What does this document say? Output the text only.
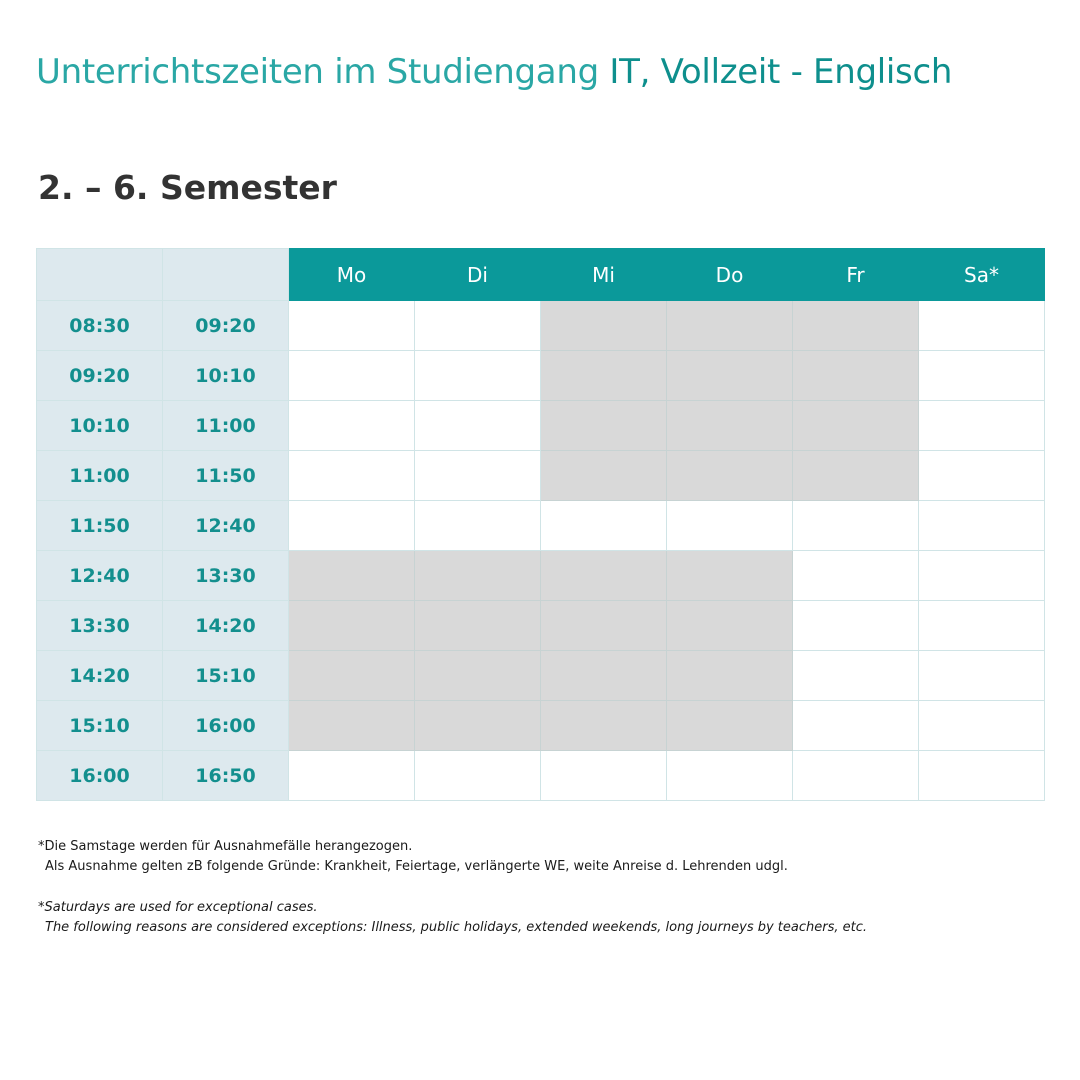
Unterrichtszeiten im Studiengang IT, Vollzeit - Englisch
2. – 6. Semester
		Mo	Di	Mi	Do	Fr	Sa*
08:30	09:20						
09:20	10:10						
10:10	11:00						
11:00	11:50						
11:50	12:40						
12:40	13:30						
13:30	14:20						
14:20	15:10						
15:10	16:00						
16:00	16:50						

*Die Samstage werden für Ausnahmefälle herangezogen.
Als Ausnahme gelten zB folgende Gründe: Krankheit, Feiertage, verlängerte WE, weite Anreise d. Lehrenden udgl.

*Saturdays are used for exceptional cases.
The following reasons are considered exceptions: Illness, public holidays, extended weekends, long journeys by teachers, etc.
